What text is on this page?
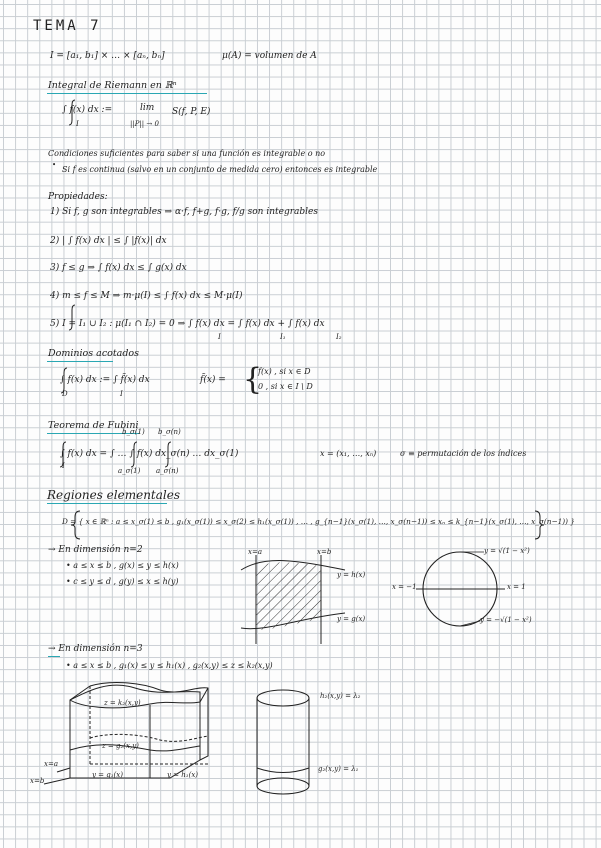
TEMA 7
I = [a₁, b₁] × … × [aₙ, bₙ]	μ(A) = volumen de A
Integral de Riemann en ℝⁿ
∫ f(x) dx :=
I
lim
||P|| → 0
S(f, P, E)
Condiciones suficientes para saber si una función es integrable o no
• Si f es continua (salvo en un conjunto de medida cero) entonces es integrable
Propiedades:
1) Si f, g son integrables ⇒ α·f, f+g, f·g, f/g son integrables
2) | ∫ f(x) dx | ≤ ∫ |f(x)| dx
3) f ≤ g ⇒ ∫ f(x) dx ≤ ∫ g(x) dx
4) m ≤ f ≤ M ⇒ m·μ(I) ≤ ∫ f(x) dx ≤ M·μ(I)
5) I = I₁ ∪ I₂ : μ(I₁ ∩ I₂) = 0 ⇒ ∫ f(x) dx = ∫ f(x) dx + ∫ f(x) dx
I	I₁	I₂
Dominios acotados
∫ f(x) dx := ∫ f̃(x) dx
D	I
f̃(x) = {
f(x) , si x ∈ D
0 , si x ∈ I \ D
Teorema de Fubini
b_σ(1) b_σ(n)
∫ f(x) dx = ∫ … ∫ f(x) dx_σ(n) … dx_σ(1)
I
a_σ(1) a_σ(n)
x = (x₁, …, xₙ)	σ ≡ permutación de los índices
Regiones elementales
D = { x ∈ ℝⁿ : a ≤ x_σ(1) ≤ b , g₁(x_σ(1)) ≤ x_σ(2) ≤ h₁(x_σ(1)) , … , g_{n−1}(x_σ(1), …, x_σ(n−1)) ≤ xₙ ≤ k_{n−1}(x_σ(1), …, x_σ(n−1)) }
→ En dimensión n=2
• a ≤ x ≤ b , g(x) ≤ y ≤ h(x)
• c ≤ y ≤ d , g(y) ≤ x ≤ h(y)
x=a	x=b
y = h(x)
y = g(x)
y = √(1 − x²)
y = −√(1 − x²)
x = −1	x = 1
→ En dimensión n=3
• a ≤ x ≤ b , g₁(x) ≤ y ≤ h₁(x) , g₂(x,y) ≤ z ≤ k₂(x,y)
z = k₂(x,y)
z = g₂(x,y)
x=a
x=b
y = g₁(x)	y = h₁(x)
h₂(x,y) = λ₂
g₂(x,y) = λ₁
